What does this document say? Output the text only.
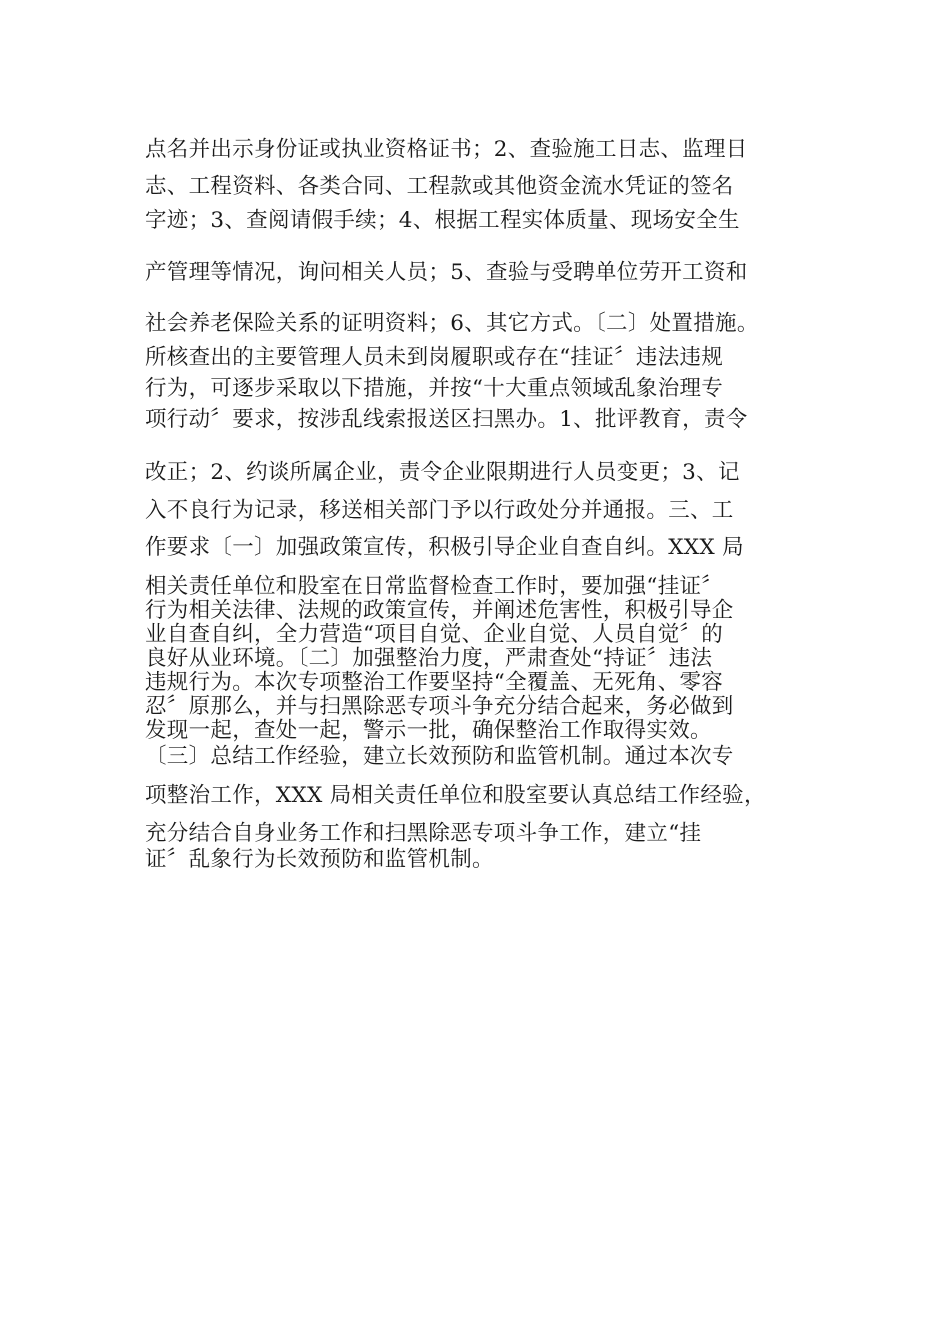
点名并出示身份证或执业资格证书；2、查验施工日志、监理日
志、工程资料、各类合同、工程款或其他资金流水凭证的签名
字迹；3、查阅请假手续；4、根据工程实体质量、现场安全生
产管理等情况，询问相关人员；5、查验与受聘单位劳开工资和
社会养老保险关系的证明资料；6、其它方式。〔二〕处置措施。
所核查出的主要管理人员未到岗履职或存在“挂证〞违法违规
行为，可逐步采取以下措施，并按“十大重点领域乱象治理专
项行动〞要求，按涉乱线索报送区扫黑办。1、批评教育，责令
改正；2、约谈所属企业，责令企业限期进行人员变更；3、记
入不良行为记录，移送相关部门予以行政处分并通报。三、工
作要求〔一〕加强政策宣传，积极引导企业自查自纠。XXX 局
相关责任单位和股室在日常监督检查工作时，要加强“挂证〞
行为相关法律、法规的政策宣传，并阐述危害性，积极引导企
业自查自纠，全力营造“项目自觉、企业自觉、人员自觉〞的
良好从业环境。〔二〕加强整治力度，严肃查处“持证〞违法
违规行为。本次专项整治工作要坚持“全覆盖、无死角、零容
忍〞原那么，并与扫黑除恶专项斗争充分结合起来，务必做到
发现一起，查处一起，警示一批，确保整治工作取得实效。
〔三〕总结工作经验，建立长效预防和监管机制。通过本次专
项整治工作，XXX 局相关责任单位和股室要认真总结工作经验，
充分结合自身业务工作和扫黑除恶专项斗争工作，建立“挂
证〞乱象行为长效预防和监管机制。
